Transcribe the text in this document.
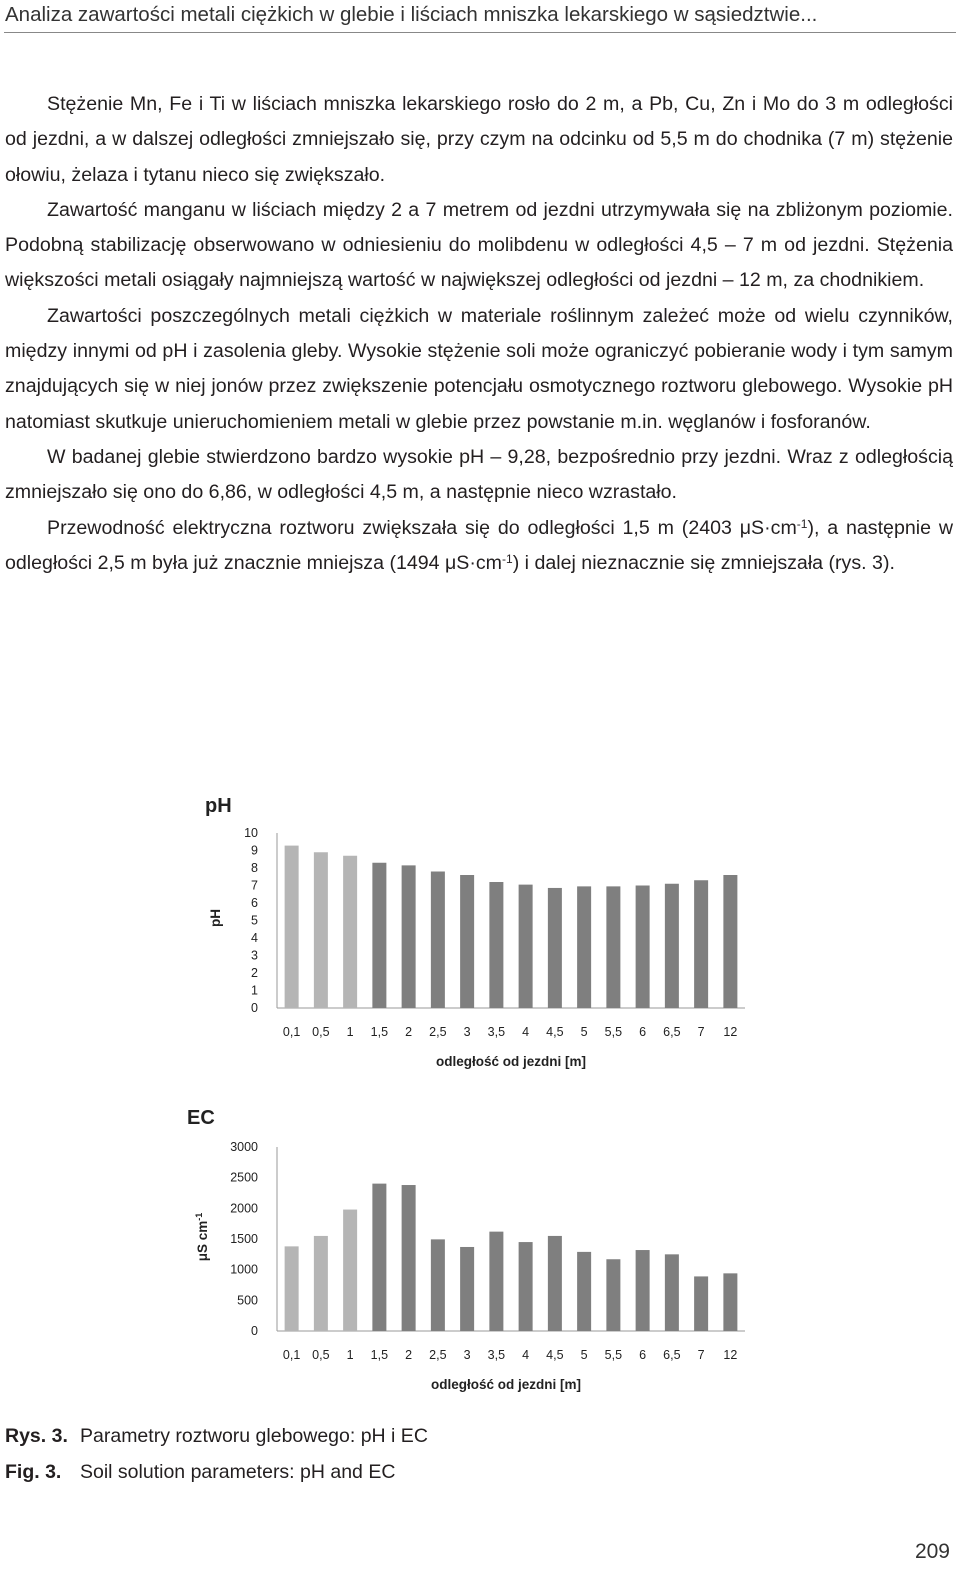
Analiza zawartości metali ciężkich w glebie i liściach mniszka lekarskiego w sąsiedztwie...

Stężenie Mn, Fe i Ti w liściach mniszka lekarskiego rosło do 2 m, a Pb, Cu, Zn i Mo do 3 m odległości od jezdni, a w dalszej odległości zmniejszało się, przy czym na odcinku od 5,5 m do chodnika (7 m) stężenie ołowiu, żelaza i tytanu nieco się zwiększało.

Zawartość manganu w liściach między 2 a 7 metrem od jezdni utrzymywała się na zbliżonym poziomie. Podobną stabilizację obserwowano w odniesieniu do molibdenu w odległości 4,5 – 7 m od jezdni. Stężenia większości metali osiągały najmniejszą wartość w największej odległości od jezdni – 12 m, za chodnikiem.

Zawartości poszczególnych metali ciężkich w materiale roślinnym zależeć może od wielu czynników, między innymi od pH i zasolenia gleby. Wysokie stężenie soli może ograniczyć pobieranie wody i tym samym znajdujących się w niej jonów przez zwiększenie potencjału osmotycznego roztworu glebowego. Wysokie pH natomiast skutkuje unieruchomieniem metali w glebie przez powstanie m.in. węglanów i fosforanów.

W badanej glebie stwierdzono bardzo wysokie pH – 9,28, bezpośrednio przy jezdni. Wraz z odległością zmniejszało się ono do 6,86, w odległości 4,5 m, a następnie nieco wzrastało.

Przewodność elektryczna roztworu zwiększała się do odległości 1,5 m (2403 $\mu S\cdot cm^{-1}$), a następnie w odległości 2,5 m była już znacznie mniejsza (1494 $\mu S\cdot cm^{-1}$) i dalej nieznacznie się zmniejszała (rys. 3).

pH
pH
10
9
8
7
6
5
4
3
2
1
0
0,1 0,5 1 1,5 2 2,5 3 3,5 4 4,5 5 5,5 6 6,5 7 12
odległość od jezdni [m]
EC
μS $cm^{-1}$
3000
2500
2000
1500
1000
500
0
0,1 0,5 1 1,5 2 2,5 3 3,5 4 4,5 5 5,5 6 6,5 7 12
odległość od jezdni [m]
Rys. 3. Parametry roztworu glebowego: pH i EC
Fig. 3. Soil solution parameters: pH and EC
209
